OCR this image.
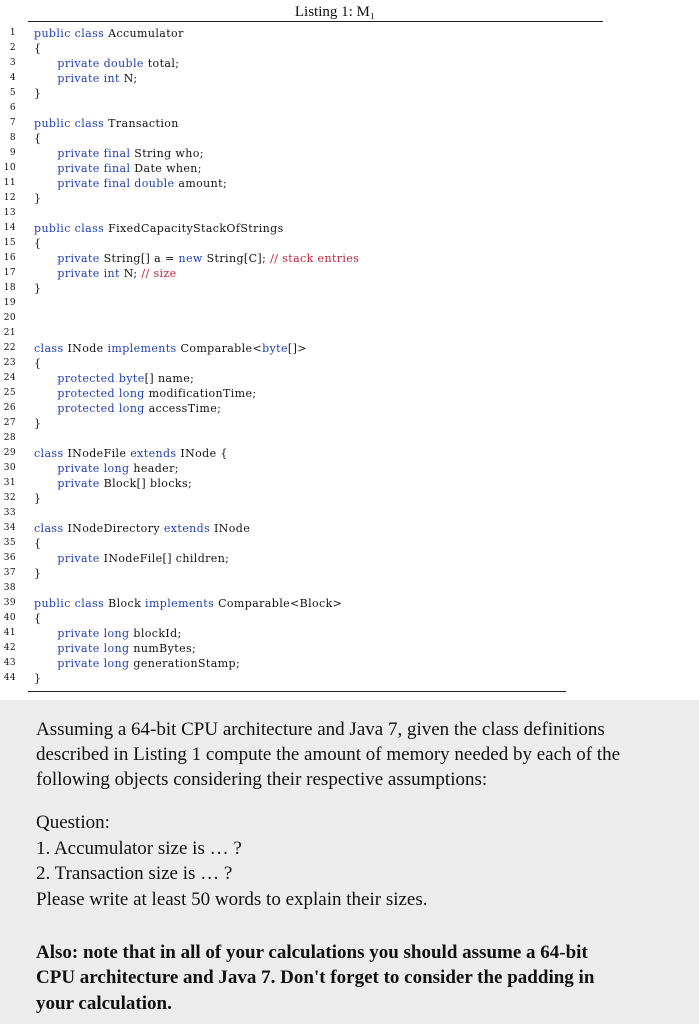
Listing 1: M₁
1 public class Accumulator
2 {
3	private double total;
4	private int N;
5 }
6
7 public class Transaction
8 {
9	private final String who;
10	private final Date when;
11	private final double amount;
12 }
13
14 public class FixedCapacityStackOfStrings
15 {
16	private String[] a = new String[C]; // stack entries
17	private int N; // size
18 }
19
20
21
22 class INode implements Comparable<byte[]>
23 {
24	protected byte[] name;
25	protected long modificationTime;
26	protected long accessTime;
27 }
28
29 class INodeFile extends INode {
30	private long header;
31	private Block[] blocks;
32 }
33
34 class INodeDirectory extends INode
35 {
36	private INodeFile[] children;
37 }
38
39 public class Block implements Comparable<Block>
40 {
41	private long blockId;
42	private long numBytes;
43	private long generationStamp;
44 }
Assuming a 64-bit CPU architecture and Java 7, given the class definitions
described in Listing 1 compute the amount of memory needed by each of the
following objects considering their respective assumptions:
Question:
1. Accumulator size is … ?
2. Transaction size is … ?
Please write at least 50 words to explain their sizes.
Also: note that in all of your calculations you should assume a 64-bit
CPU architecture and Java 7. Don't forget to consider the padding in
your calculation.
